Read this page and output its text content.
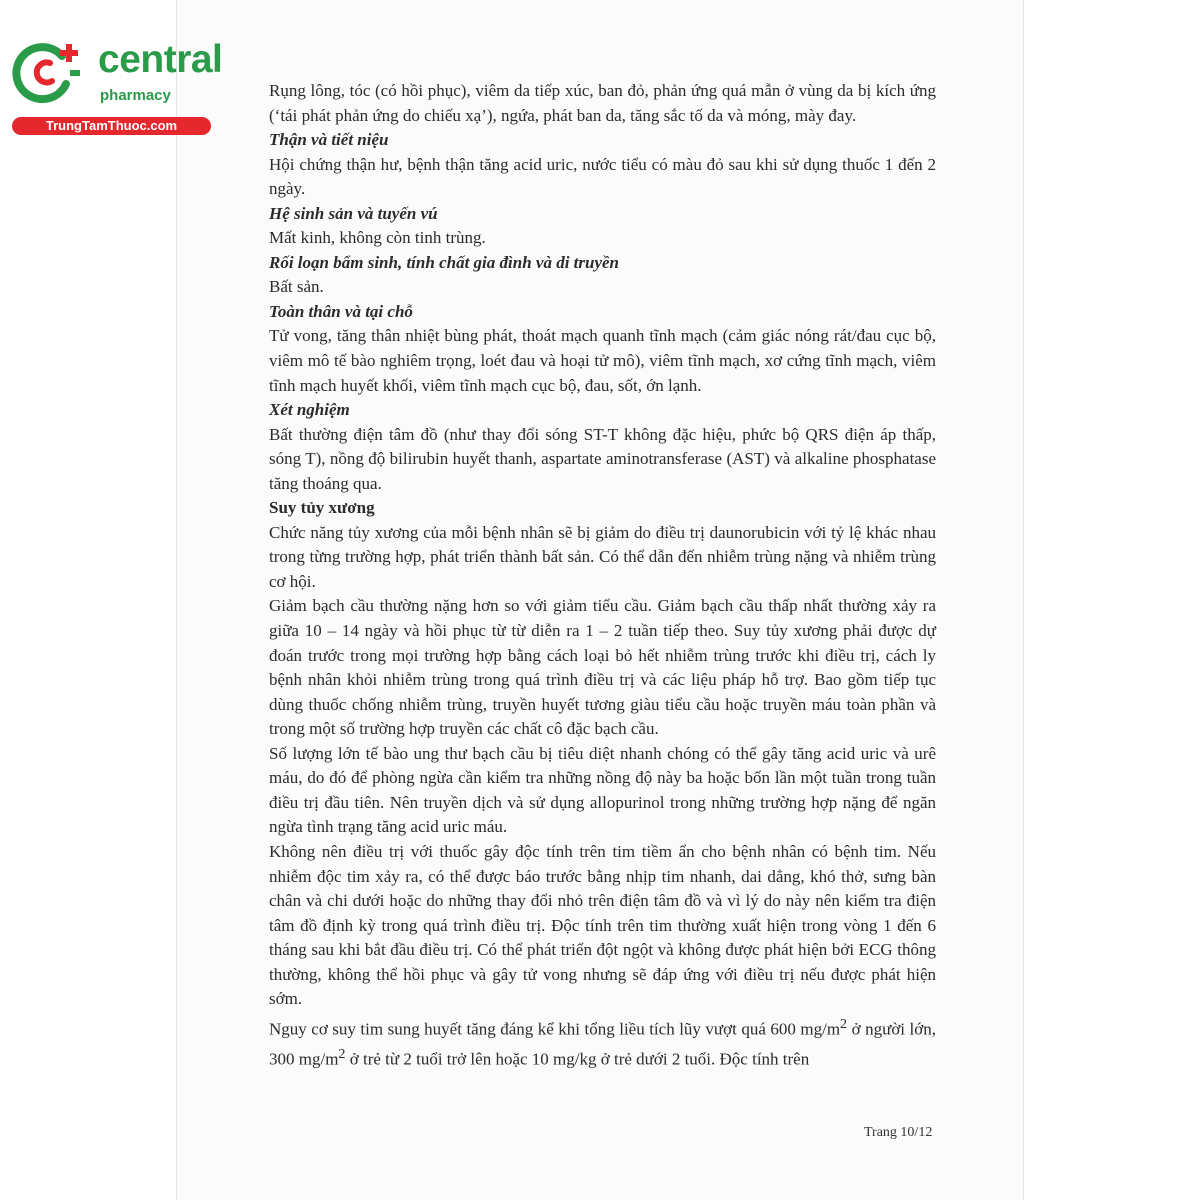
central
pharmacy
TrungTamThuoc.com

Rụng lông, tóc (có hồi phục), viêm da tiếp xúc, ban đỏ, phản ứng quá mẫn ở vùng da bị kích ứng (‘tái phát phản ứng do chiếu xạ’), ngứa, phát ban da, tăng sắc tố da và móng, mày đay.

Thận và tiết niệu

Hội chứng thận hư, bệnh thận tăng acid uric, nước tiểu có màu đỏ sau khi sử dụng thuốc 1 đến 2 ngày.

Hệ sinh sản và tuyến vú

Mất kinh, không còn tinh trùng.

Rối loạn bẩm sinh, tính chất gia đình và di truyền

Bất sản.

Toàn thân và tại chỗ

Tử vong, tăng thân nhiệt bùng phát, thoát mạch quanh tĩnh mạch (cảm giác nóng rát/đau cục bộ, viêm mô tế bào nghiêm trọng, loét đau và hoại tử mô), viêm tĩnh mạch, xơ cứng tĩnh mạch, viêm tĩnh mạch huyết khối, viêm tĩnh mạch cục bộ, đau, sốt, ớn lạnh.

Xét nghiệm

Bất thường điện tâm đồ (như thay đổi sóng ST-T không đặc hiệu, phức bộ QRS điện áp thấp, sóng T), nồng độ bilirubin huyết thanh, aspartate aminotransferase (AST) và alkaline phosphatase tăng thoáng qua.

Suy tủy xương

Chức năng tủy xương của mỗi bệnh nhân sẽ bị giảm do điều trị daunorubicin với tỷ lệ khác nhau trong từng trường hợp, phát triển thành bất sản. Có thể dẫn đến nhiễm trùng nặng và nhiễm trùng cơ hội.

Giảm bạch cầu thường nặng hơn so với giảm tiểu cầu. Giảm bạch cầu thấp nhất thường xảy ra giữa 10 – 14 ngày và hồi phục từ từ diễn ra 1 – 2 tuần tiếp theo. Suy tủy xương phải được dự đoán trước trong mọi trường hợp bằng cách loại bỏ hết nhiễm trùng trước khi điều trị, cách ly bệnh nhân khỏi nhiễm trùng trong quá trình điều trị và các liệu pháp hỗ trợ. Bao gồm tiếp tục dùng thuốc chống nhiễm trùng, truyền huyết tương giàu tiểu cầu hoặc truyền máu toàn phần và trong một số trường hợp truyền các chất cô đặc bạch cầu.

Số lượng lớn tế bào ung thư bạch cầu bị tiêu diệt nhanh chóng có thể gây tăng acid uric và urê máu, do đó để phòng ngừa cần kiểm tra những nồng độ này ba hoặc bốn lần một tuần trong tuần điều trị đầu tiên. Nên truyền dịch và sử dụng allopurinol trong những trường hợp nặng để ngăn ngừa tình trạng tăng acid uric máu.

Không nên điều trị với thuốc gây độc tính trên tim tiềm ẩn cho bệnh nhân có bệnh tim. Nếu nhiễm độc tim xảy ra, có thể được báo trước bằng nhịp tim nhanh, dai dẳng, khó thở, sưng bàn chân và chi dưới hoặc do những thay đổi nhỏ trên điện tâm đồ và vì lý do này nên kiểm tra điện tâm đồ định kỳ trong quá trình điều trị. Độc tính trên tim thường xuất hiện trong vòng 1 đến 6 tháng sau khi bắt đầu điều trị. Có thể phát triển đột ngột và không được phát hiện bởi ECG thông thường, không thể hồi phục và gây tử vong nhưng sẽ đáp ứng với điều trị nếu được phát hiện sớm.

Nguy cơ suy tim sung huyết tăng đáng kể khi tổng liều tích lũy vượt quá 600 $mg/m^2$ ở người lớn, 300 $mg/m^2$ ở trẻ từ 2 tuổi trở lên hoặc 10 mg/kg ở trẻ dưới 2 tuổi. Độc tính trên

Trang 10/12
